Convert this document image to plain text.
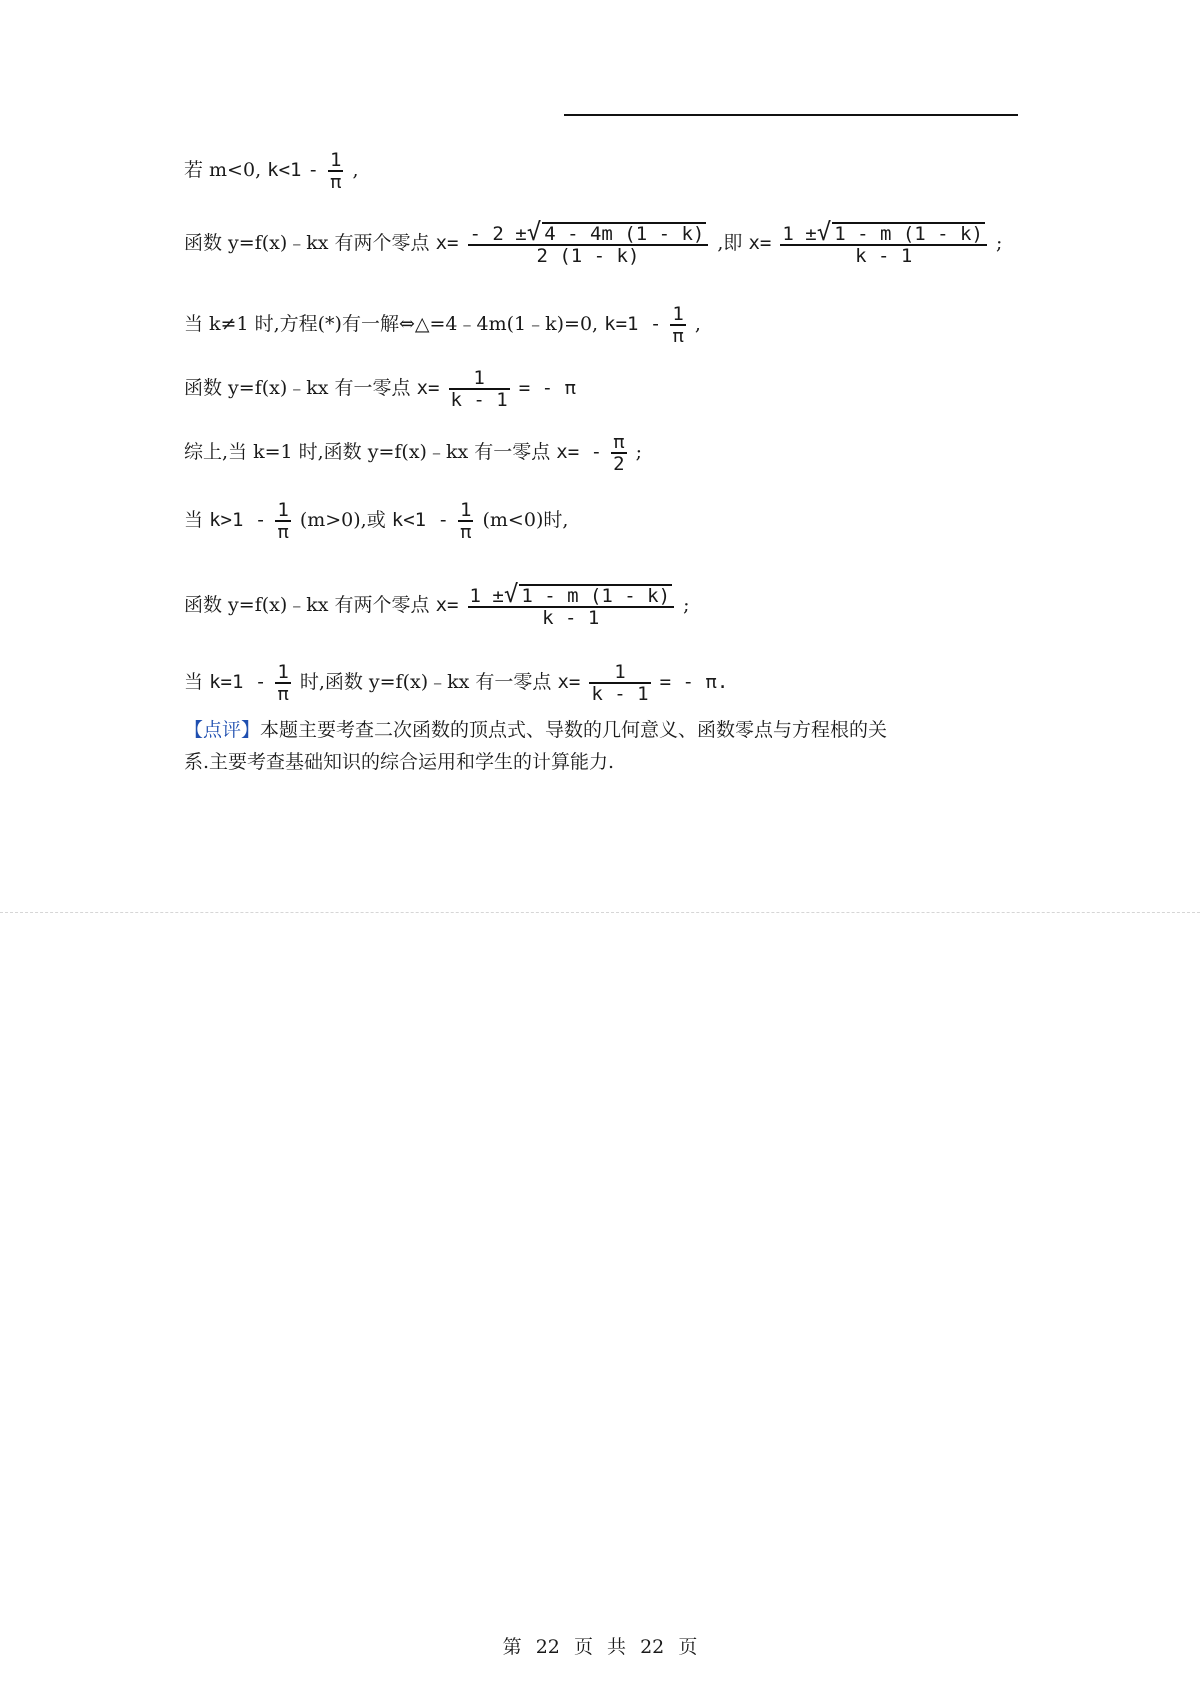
若 m<0, $k<1 - \frac{1}{\pi}$ ,
函数 y=f(x)﹣kx 有两个零点 $x= \frac{- 2 \pm√ 4 - 4m (1 - k)}{2 (1 - k)}$ ,即 $x= \frac{1 \pm√ 1 - m (1 - k)}{k - 1}$ ;
当 k≠1 时,方程(*)有一解⇔△=4﹣4m(1﹣k)=0, $k=1 - \frac{1}{\pi}$ ,
函数 y=f(x)﹣kx 有一零点 $x= \frac{1}{k - 1}$ = - π
综上,当 k=1 时,函数 y=f(x)﹣kx 有一零点 $x= - \frac{\pi}{2}$ ;
当 $k>1 - \frac{1}{\pi} (m>0)$,或 $k<1 - \frac{1}{\pi} (m<0)$时,
函数 y=f(x)﹣kx 有两个零点 $x= \frac{1 \pm√ 1 - m (1 - k)}{k - 1}$ ;
当 $k=1 - \frac{1}{\pi}$ 时,函数 y=f(x)﹣kx 有一零点 $x= \frac{1}{k - 1}$ = - π.
【点评】本题主要考查二次函数的顶点式、导数的几何意义、函数零点与方程根的关
系.主要考查基础知识的综合运用和学生的计算能力.
第 22 页 共 22 页
